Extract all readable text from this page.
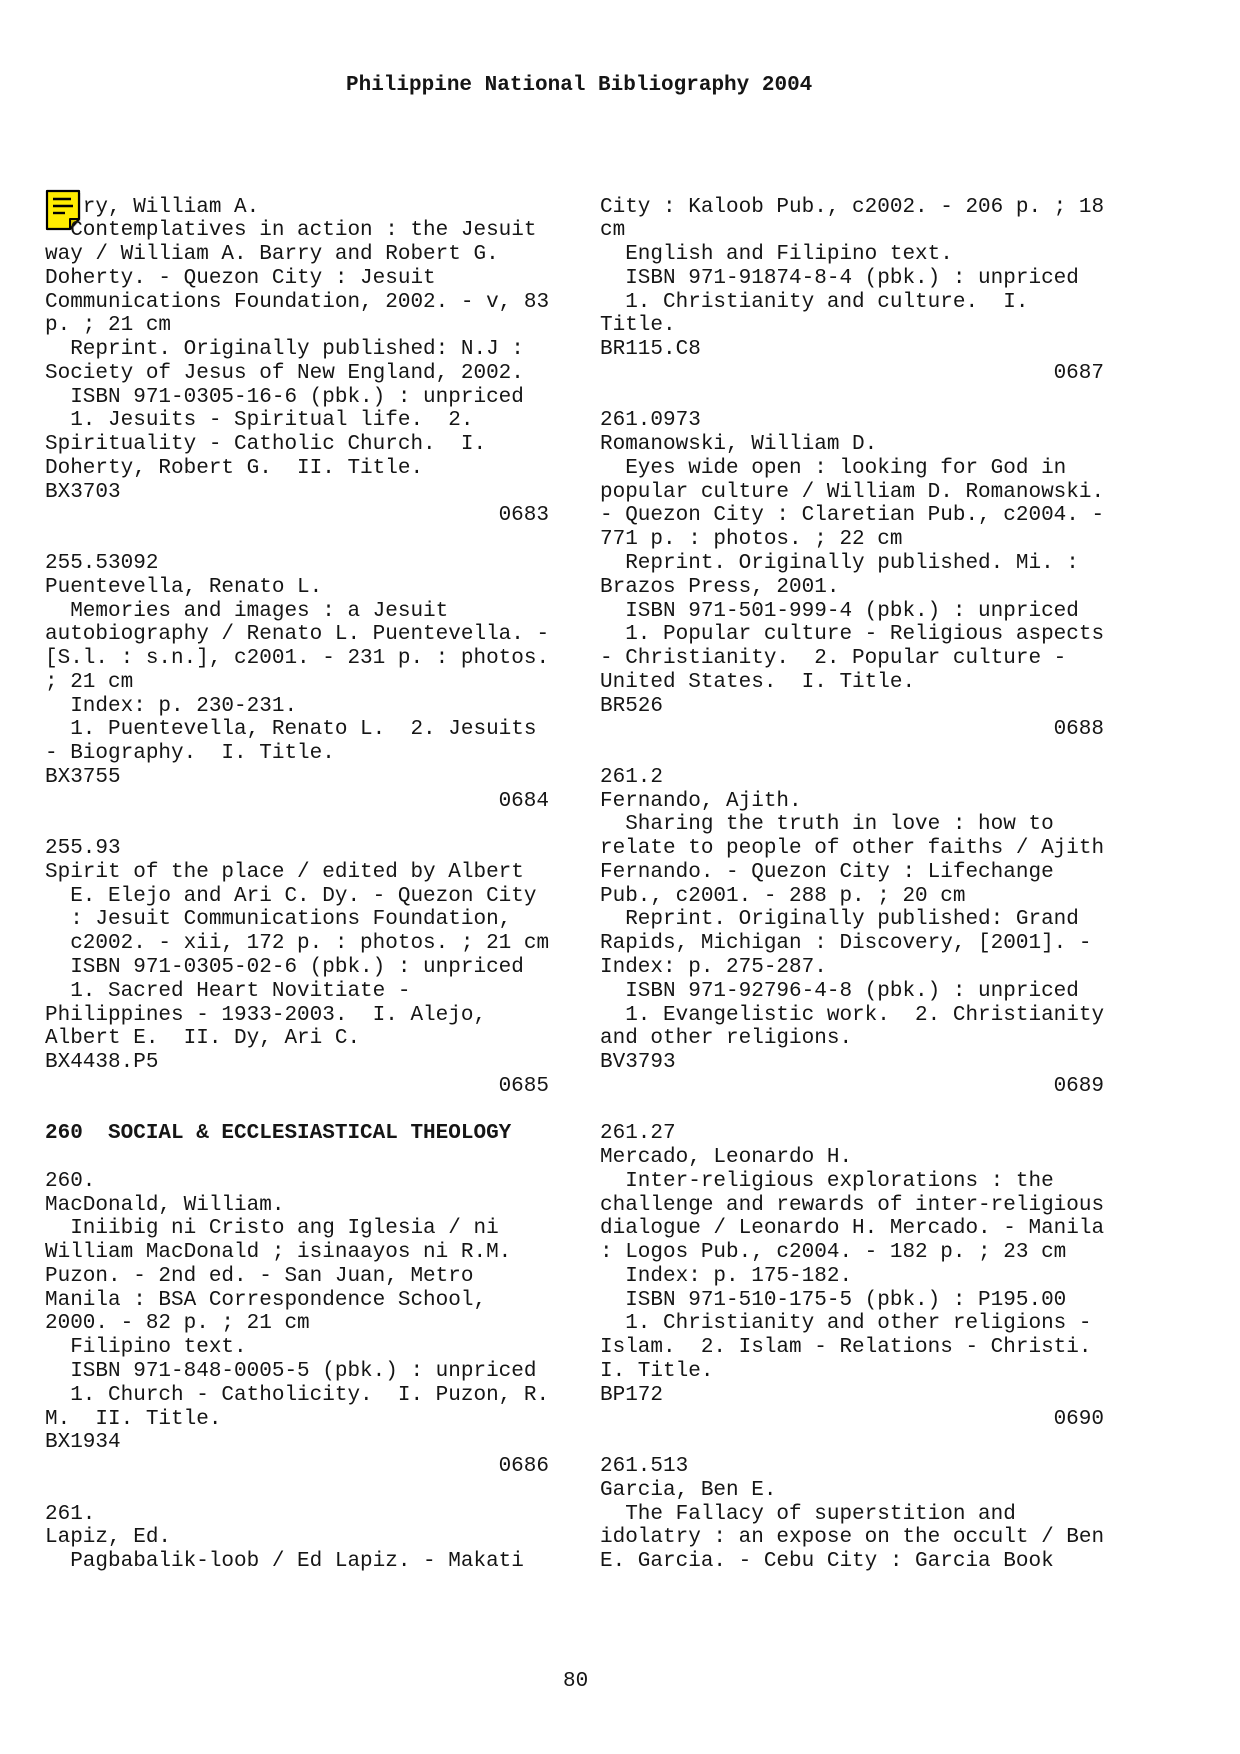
Philippine National Bibliography 2004
ry, William A.
Contemplatives in action : the Jesuit
way / William A. Barry and Robert G.
Doherty. - Quezon City : Jesuit
Communications Foundation, 2002. - v, 83
p. ; 21 cm
Reprint. Originally published: N.J :
Society of Jesus of New England, 2002.
ISBN 971-0305-16-6 (pbk.) : unpriced
1. Jesuits - Spiritual life.  2.
Spirituality - Catholic Church.  I.
Doherty, Robert G.  II. Title.
BX3703
0683
255.53092
Puentevella, Renato L.
Memories and images : a Jesuit
autobiography / Renato L. Puentevella. -
[S.l. : s.n.], c2001. - 231 p. : photos.
; 21 cm
Index: p. 230-231.
1. Puentevella, Renato L.  2. Jesuits
- Biography.  I. Title.
BX3755
0684
255.93
Spirit of the place / edited by Albert
E. Elejo and Ari C. Dy. - Quezon City
: Jesuit Communications Foundation,
c2002. - xii, 172 p. : photos. ; 21 cm
ISBN 971-0305-02-6 (pbk.) : unpriced
1. Sacred Heart Novitiate -
Philippines - 1933-2003.  I. Alejo,
Albert E.  II. Dy, Ari C.
BX4438.P5
0685
260  SOCIAL & ECCLESIASTICAL THEOLOGY
260.
MacDonald, William.
Iniibig ni Cristo ang Iglesia / ni
William MacDonald ; isinaayos ni R.M.
Puzon. - 2nd ed. - San Juan, Metro
Manila : BSA Correspondence School,
2000. - 82 p. ; 21 cm
Filipino text.
ISBN 971-848-0005-5 (pbk.) : unpriced
1. Church - Catholicity.  I. Puzon, R.
M.  II. Title.
BX1934
0686
261.
Lapiz, Ed.
Pagbabalik-loob / Ed Lapiz. - Makati
City : Kaloob Pub., c2002. - 206 p. ; 18
cm
English and Filipino text.
ISBN 971-91874-8-4 (pbk.) : unpriced
1. Christianity and culture.  I.
Title.
BR115.C8
0687
261.0973
Romanowski, William D.
Eyes wide open : looking for God in
popular culture / William D. Romanowski.
- Quezon City : Claretian Pub., c2004. -
771 p. : photos. ; 22 cm
Reprint. Originally published. Mi. :
Brazos Press, 2001.
ISBN 971-501-999-4 (pbk.) : unpriced
1. Popular culture - Religious aspects
- Christianity.  2. Popular culture -
United States.  I. Title.
BR526
0688
261.2
Fernando, Ajith.
Sharing the truth in love : how to
relate to people of other faiths / Ajith
Fernando. - Quezon City : Lifechange
Pub., c2001. - 288 p. ; 20 cm
Reprint. Originally published: Grand
Rapids, Michigan : Discovery, [2001]. -
Index: p. 275-287.
ISBN 971-92796-4-8 (pbk.) : unpriced
1. Evangelistic work.  2. Christianity
and other religions.
BV3793
0689
261.27
Mercado, Leonardo H.
Inter-religious explorations : the
challenge and rewards of inter-religious
dialogue / Leonardo H. Mercado. - Manila
: Logos Pub., c2004. - 182 p. ; 23 cm
Index: p. 175-182.
ISBN 971-510-175-5 (pbk.) : P195.00
1. Christianity and other religions -
Islam.  2. Islam - Relations - Christi.
I. Title.
BP172
0690
261.513
Garcia, Ben E.
The Fallacy of superstition and
idolatry : an expose on the occult / Ben
E. Garcia. - Cebu City : Garcia Book
80
